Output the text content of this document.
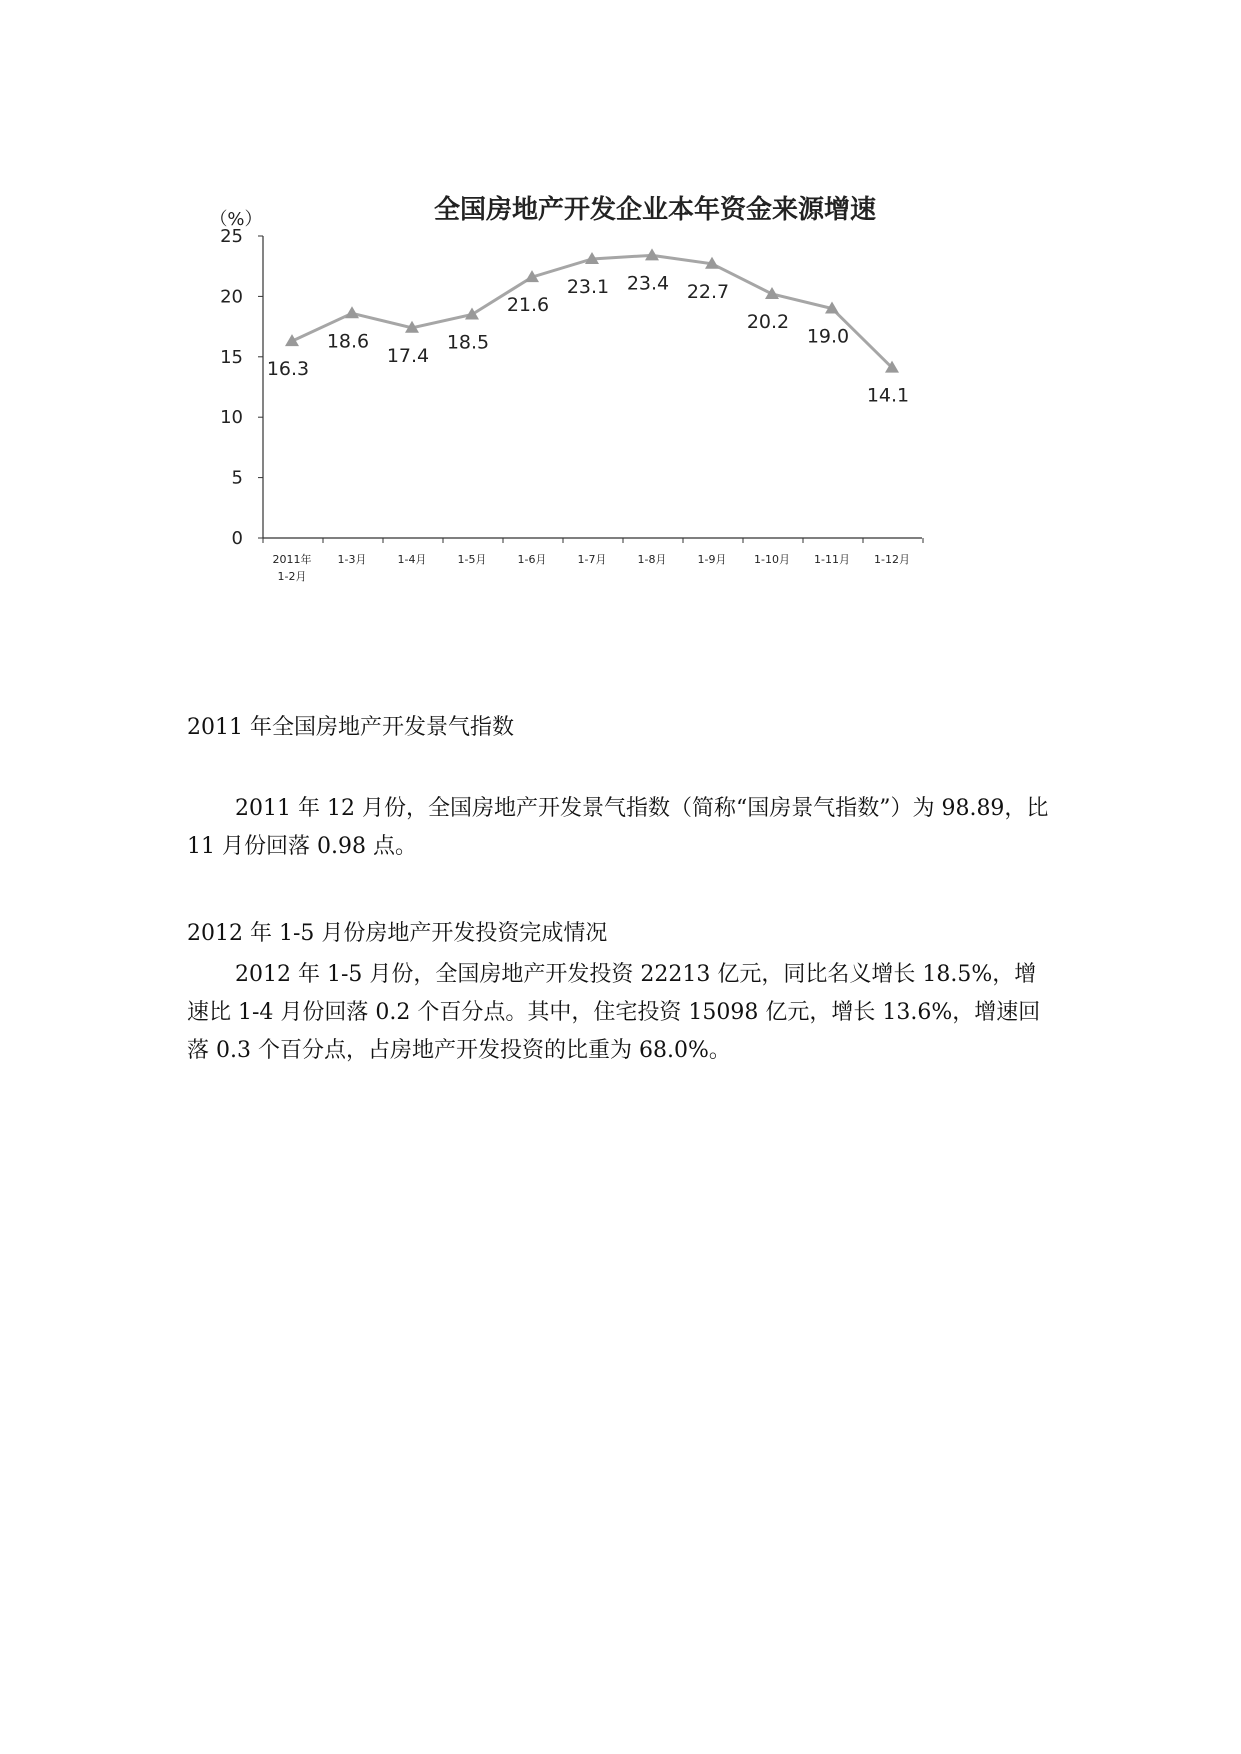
全国房地产开发企业本年资金来源增速
（%）
0
5
10
15
20
25
2011年 1-2月
1-3月	1-4月	1-5月	1-6月	1-7月	1-8月	1-9月	1-10月 1-11月 1-12月
16.3
18.6
17.4
18.5
21.6
23.1 23.4 22.7
20.2
19.0
14.1

2011 年全国房地产开发景气指数

2011 年 12 月份，全国房地产开发景气指数（简称“国房景气指数”）为 98.89，比 11 月份回落 0.98 点。

2012 年 1-5 月份房地产开发投资完成情况

2012 年 1-5 月份，全国房地产开发投资 22213 亿元，同比名义增长 18.5%，增速比 1-4 月份回落 0.2 个百分点。其中，住宅投资 15098 亿元，增长 13.6%，增速回落 0.3 个百分点，占房地产开发投资的比重为 68.0%。
